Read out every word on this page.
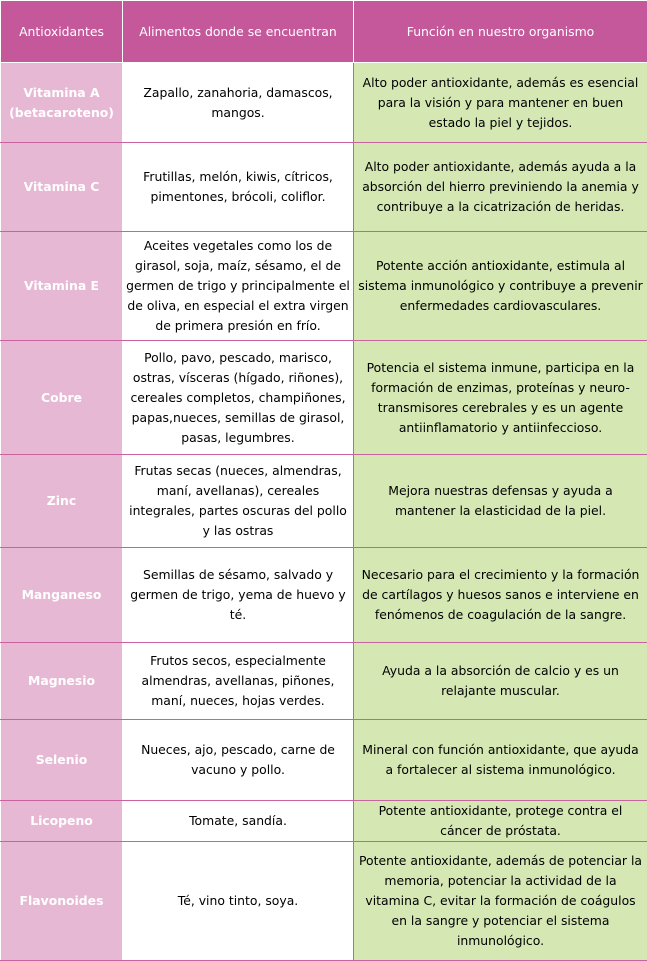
Antioxidantes	Alimentos donde se encuentran	Función en nuestro organismo
Vitamina A
(betacaroteno)	Zapallo, zanahoria, damascos, mangos.	Alto poder antioxidante, además es esencial para la visión y para mantener en buen estado la piel y tejidos.
Vitamina C	Frutillas, melón, kiwis, cítricos, pimentones, brócoli, coliflor.	Alto poder antioxidante, además ayuda a la absorción del hierro previniendo la anemia y contribuye a la cicatrización de heridas.
Vitamina E	Aceites vegetales como los de girasol, soja, maíz, sésamo, el de germen de trigo y principalmente el de oliva, en especial el extra virgen de primera presión en frío.	Potente acción antioxidante, estimula al sistema inmunológico y contribuye a prevenir enfermedades cardiovasculares.
Cobre	Pollo, pavo, pescado, marisco, ostras, vísceras (hígado, riñones), cereales completos, champiñones, papas,nueces, semillas de girasol, pasas, legumbres.	Potencia el sistema inmune, participa en la formación de enzimas, proteínas y neuro-transmisores cerebrales y es un agente antiinflamatorio y antiinfeccioso.
Zinc	Frutas secas (nueces, almendras, maní, avellanas), cereales integrales, partes oscuras del pollo y las ostras	Mejora nuestras defensas y ayuda a mantener la elasticidad de la piel.
Manganeso	Semillas de sésamo, salvado y germen de trigo, yema de huevo y té.	Necesario para el crecimiento y la formación de cartílagos y huesos sanos e interviene en fenómenos de coagulación de la sangre.
Magnesio	Frutos secos, especialmente almendras, avellanas, piñones, maní, nueces, hojas verdes.	Ayuda a la absorción de calcio y es un relajante muscular.
Selenio	Nueces, ajo, pescado, carne de vacuno y pollo.	Mineral con función antioxidante, que ayuda a fortalecer al sistema inmunológico.
Licopeno	Tomate, sandía.	Potente antioxidante, protege contra el cáncer de próstata.
Flavonoides	Té, vino tinto, soya.	Potente antioxidante, además de potenciar la memoria, potenciar la actividad de la vitamina C, evitar la formación de coágulos en la sangre y potenciar el sistema inmunológico.
